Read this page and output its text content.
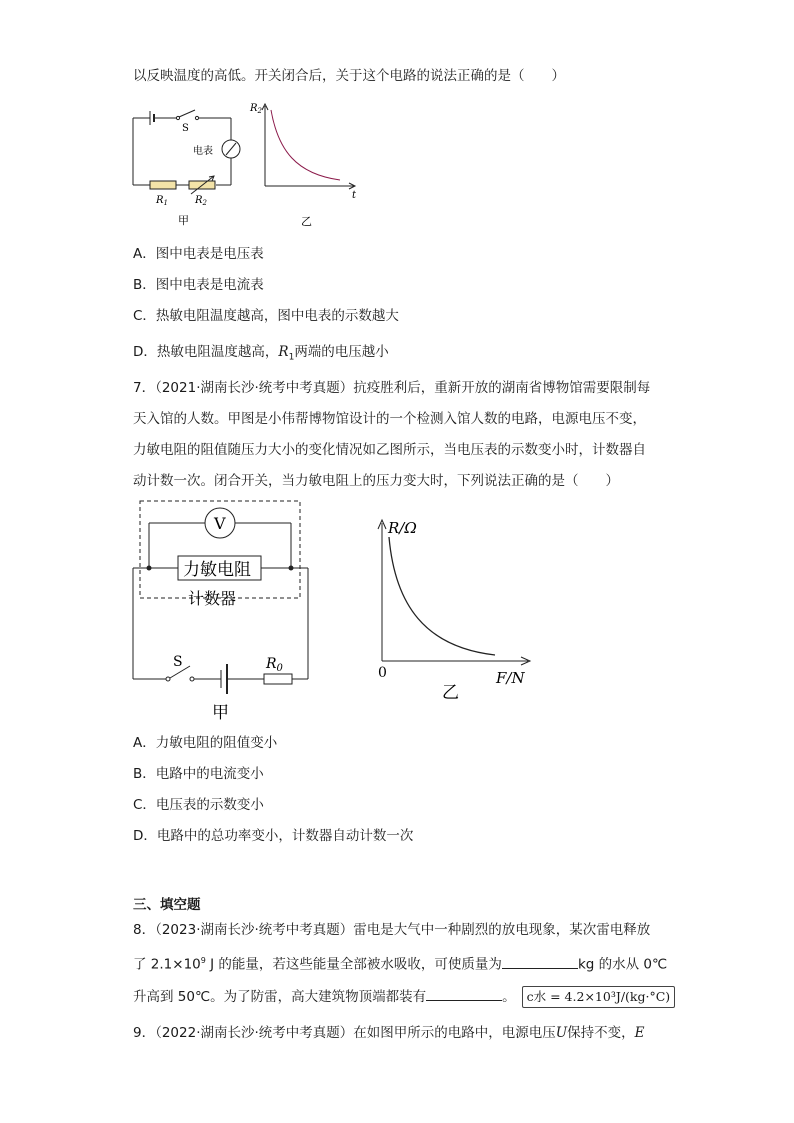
以反映温度的高低。开关闭合后，关于这个电路的说法正确的是（　　）
S
电表
$R_1$	$R_2$
甲
$R_2$
t
乙
A．图中电表是电压表
B．图中电表是电流表
C．热敏电阻温度越高，图中电表的示数越大
D．热敏电阻温度越高，$R_1$两端的电压越小
7．（2021·湖南长沙·统考中考真题）抗疫胜利后，重新开放的湖南省博物馆需要限制每
天入馆的人数。甲图是小伟帮博物馆设计的一个检测入馆人数的电路，电源电压不变，
力敏电阻的阻值随压力大小的变化情况如乙图所示，当电压表的示数变小时，计数器自
动计数一次。闭合开关，当力敏电阻上的压力变大时，下列说法正确的是（　　）
V
力敏电阻
计数器
S	$R_0$
甲
R/Ω
0	F/N
乙
A．力敏电阻的阻值变小
B．电路中的电流变小
C．电压表的示数变小
D．电路中的总功率变小，计数器自动计数一次
三、填空题
8．（2023·湖南长沙·统考中考真题）雷电是大气中一种剧烈的放电现象，某次雷电释放
了 $2.1\times 10^9$ J 的能量，若这些能量全部被水吸收，可使质量为	kg 的水从 0℃
升高到 50℃。为了防雷，高大建筑物顶端都装有	。 c水 = 4.2×10³J/(kg·°C)
9．（2022·湖南长沙·统考中考真题）在如图甲所示的电路中，电源电压U保持不变，E
